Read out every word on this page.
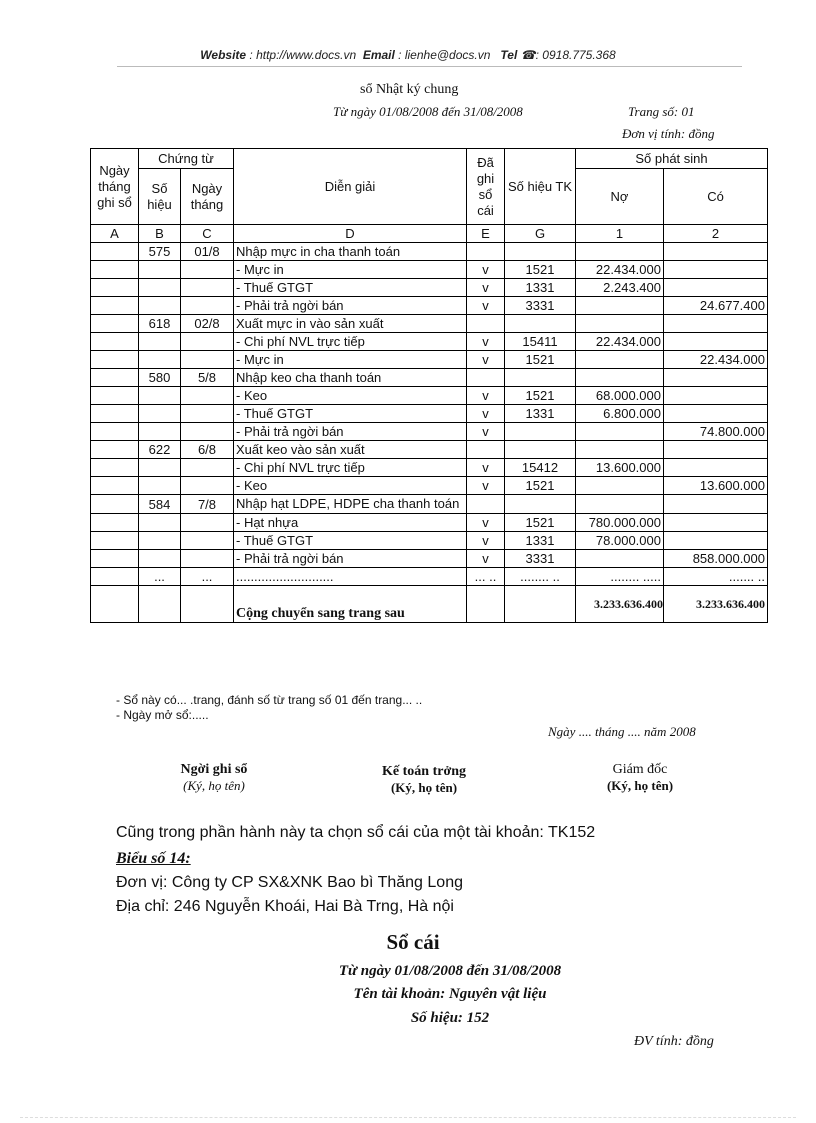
Website : http://www.docs.vn Email : lienhe@docs.vn Tel ☎: 0918.775.368
sổ Nhật ký chung
Từ ngày 01/08/2008 đến 31/08/2008	Trang số: 01
Đơn vị tính: đồng
Ngày tháng ghi sổ	Chứng từ		Diễn giải	Đã ghi sổ cái	Số hiệu TK	Số phát sinh	
	Số hiệu	Ngày tháng				Nợ	Có
A	B	C	D	E	G	1	2
	575	01/8	Nhập mực in cha thanh toán				
			- Mực in	v	1521	22.434.000	
			- Thuế GTGT	v	1331	2.243.400	
			- Phải trả ngời bán	v	3331		24.677.400
	618	02/8	Xuất mực in vào sản xuất				
			- Chi phí NVL trực tiếp	v	15411	22.434.000	
			- Mực in	v	1521		22.434.000
	580	5/8	Nhập keo cha thanh toán				
			- Keo	v	1521	68.000.000	
			- Thuế GTGT	v	1331	6.800.000	
			- Phải trả ngời bán	v			74.800.000
	622	6/8	Xuất keo vào sản xuất				
			- Chi phí NVL trực tiếp	v	15412	13.600.000	
			- Keo	v	1521		13.600.000
	584	7/8	Nhập hạt LDPE, HDPE cha thanh toán				
			- Hạt nhựa	v	1521	780.000.000	
			- Thuế GTGT	v	1331	78.000.000	
			- Phải trả ngời bán	v	3331		858.000.000
	...	...	...........................	... ..	........ ..	........ .....	....... ..
			Cộng chuyển sang trang sau			3.233.636.400	3.233.636.400
- Sổ này có... .trang, đánh số từ trang số 01 đến trang... ..
- Ngày mở sổ:.....
Ngày .... tháng .... năm 2008
Ngời ghi sổ
(Ký, họ tên)
Kế toán trởng
(Ký, họ tên)
Giám đốc
(Ký, họ tên)
Cũng trong phần hành này ta chọn sổ cái của một tài khoản: TK152
Biểu số 14:
Đơn vị: Công ty CP SX&XNK Bao bì Thăng Long
Địa chỉ: 246 Nguyễn Khoái, Hai Bà Trng, Hà nội
Sổ cái
Từ ngày 01/08/2008 đến 31/08/2008
Tên tài khoản: Nguyên vật liệu
Số hiệu: 152
ĐV tính: đồng
